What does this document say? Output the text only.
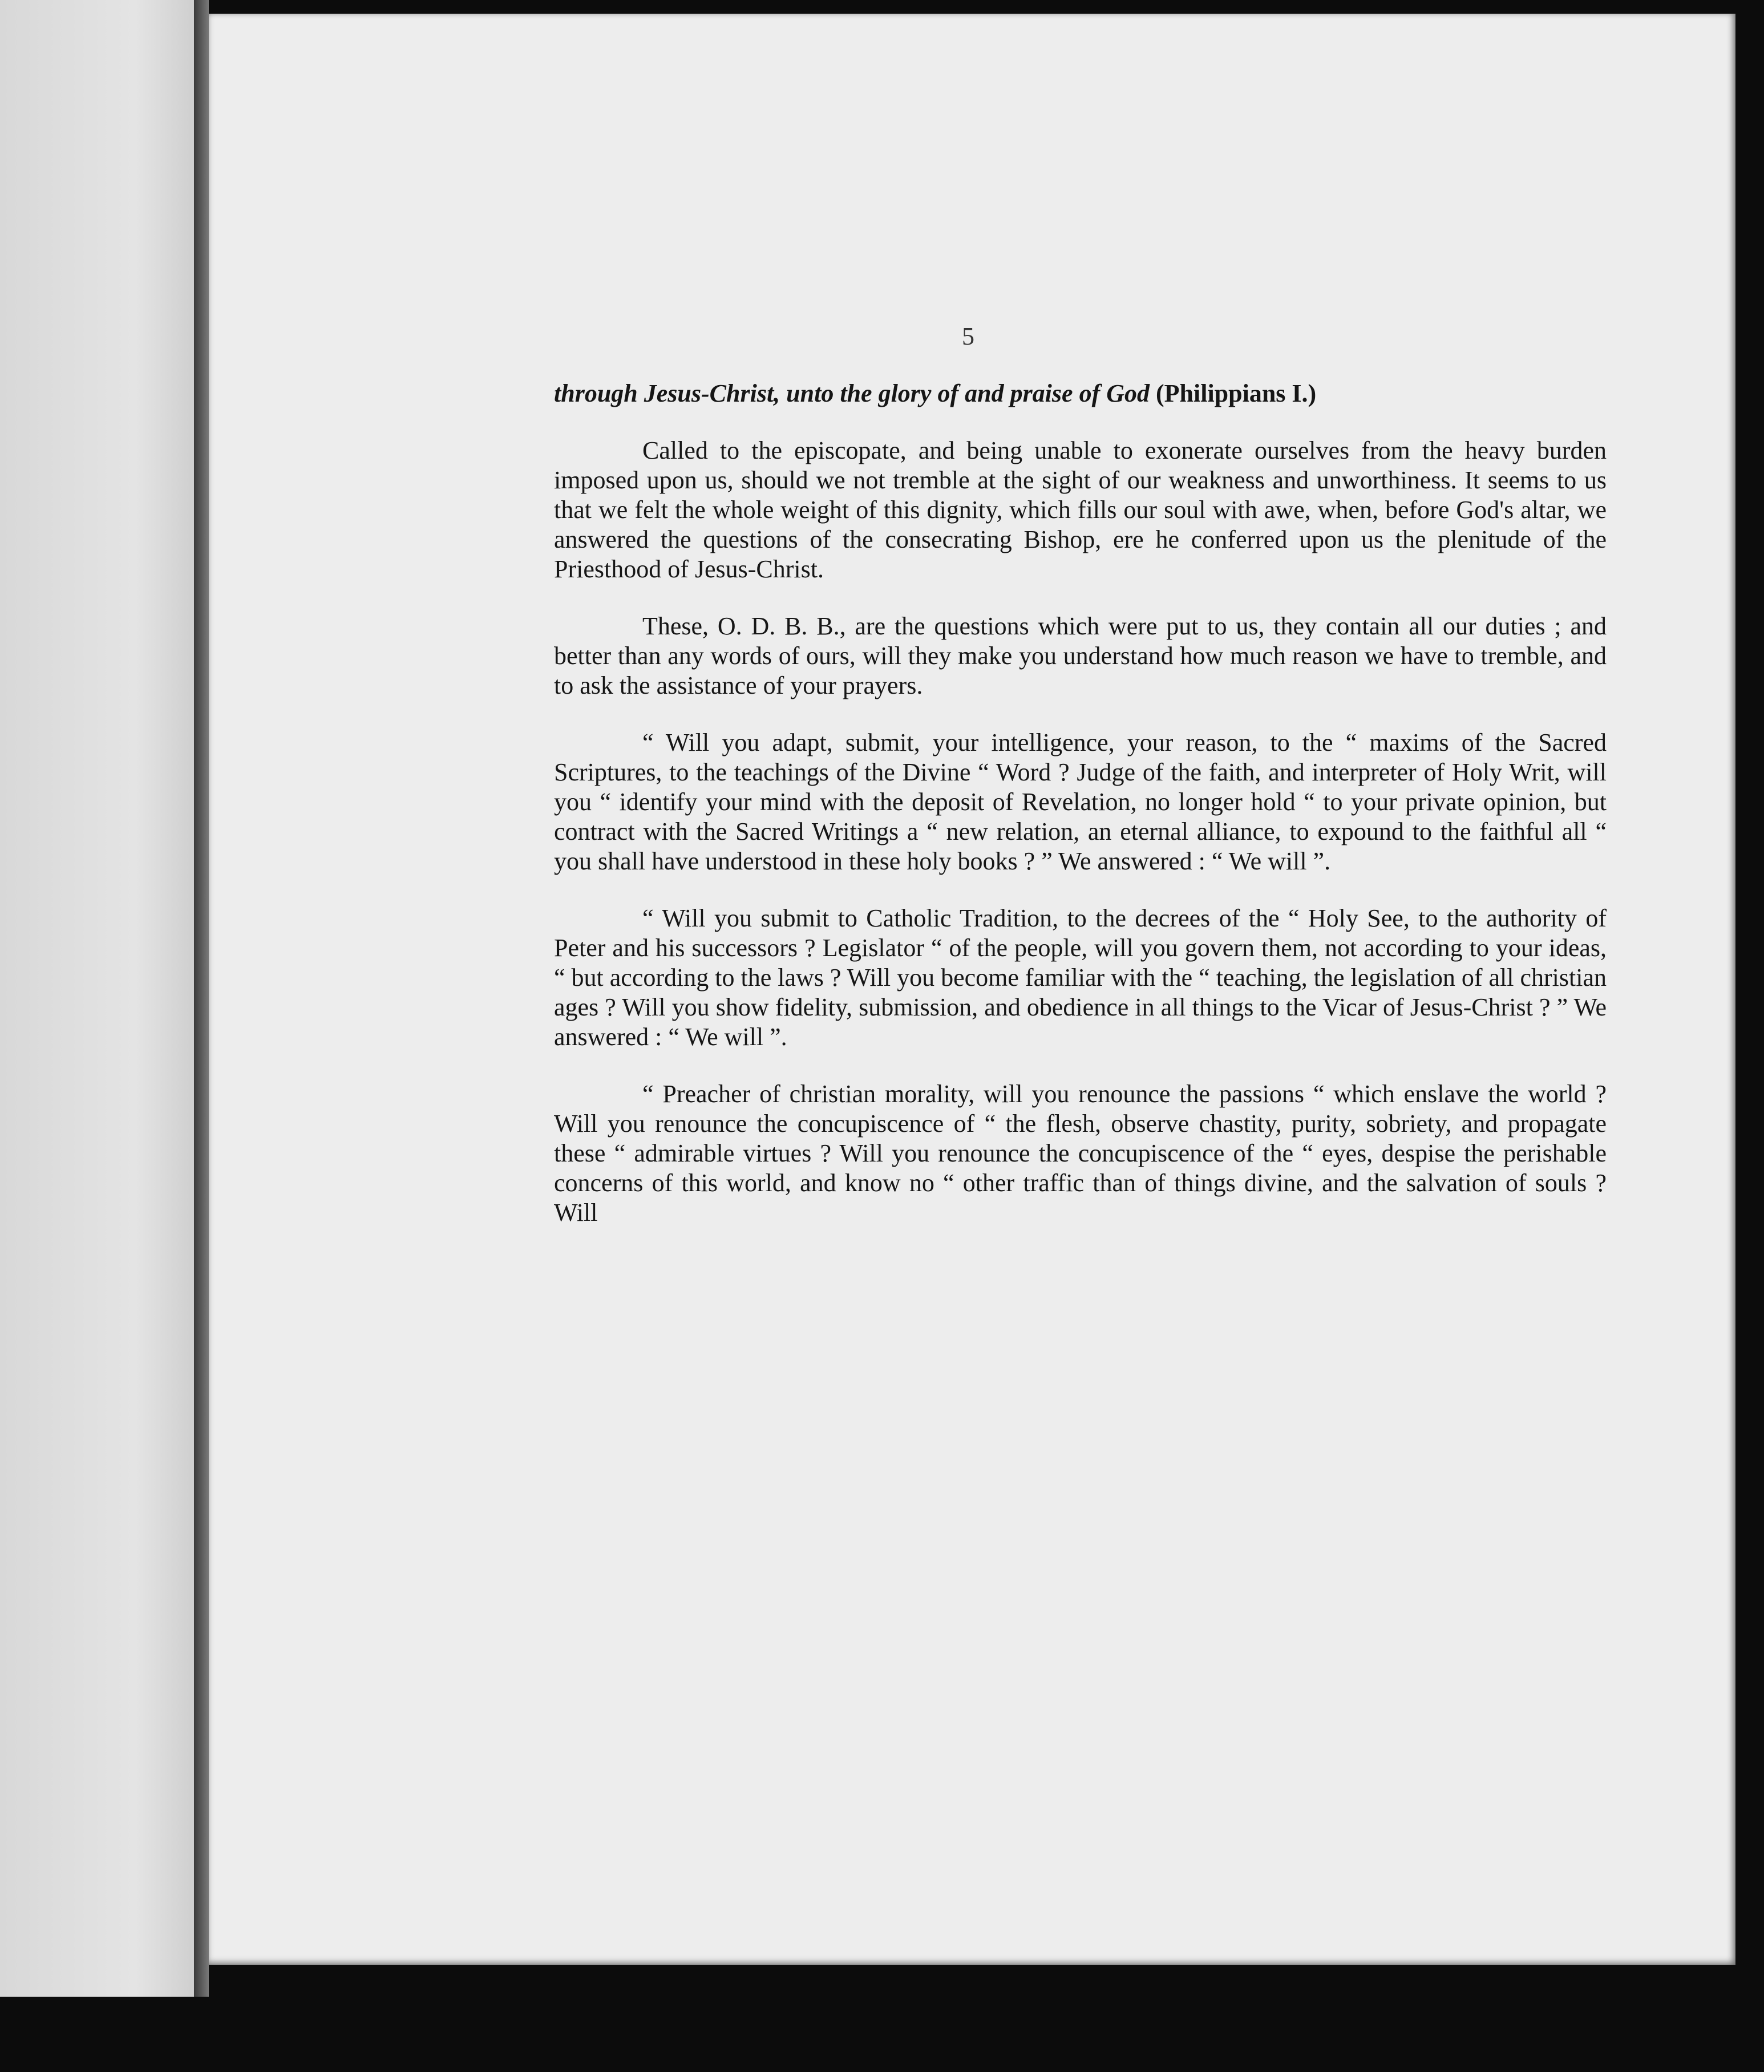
5

through Jesus-Christ, unto the glory of and praise of God (Philippians I.)

Called to the episcopate, and being unable to exonerate ourselves from the heavy burden imposed upon us, should we not tremble at the sight of our weakness and unworthiness. It seems to us that we felt the whole weight of this dignity, which fills our soul with awe, when, before God's altar, we answered the questions of the consecrating Bishop, ere he conferred upon us the plenitude of the Priesthood of Jesus-Christ.

These, O. D. B. B., are the questions which were put to us, they contain all our duties ; and better than any words of ours, will they make you understand how much reason we have to tremble, and to ask the assistance of your prayers.

“ Will you adapt, submit, your intelligence, your reason, to the “ maxims of the Sacred Scriptures, to the teachings of the Divine “ Word ? Judge of the faith, and interpreter of Holy Writ, will you “ identify your mind with the deposit of Revelation, no longer hold “ to your private opinion, but contract with the Sacred Writings a “ new relation, an eternal alliance, to expound to the faithful all “ you shall have understood in these holy books ? ” We answered : “ We will ”.

“ Will you submit to Catholic Tradition, to the decrees of the “ Holy See, to the authority of Peter and his successors ? Legislator “ of the people, will you govern them, not according to your ideas, “ but according to the laws ? Will you become familiar with the “ teaching, the legislation of all christian ages ? Will you show fidelity, submission, and obedience in all things to the Vicar of Jesus-Christ ? ” We answered : “ We will ”.

“ Preacher of christian morality, will you renounce the passions “ which enslave the world ? Will you renounce the concupiscence of “ the flesh, observe chastity, purity, sobriety, and propagate these “ admirable virtues ? Will you renounce the concupiscence of the “ eyes, despise the perishable concerns of this world, and know no “ other traffic than of things divine, and the salvation of souls ? Will
